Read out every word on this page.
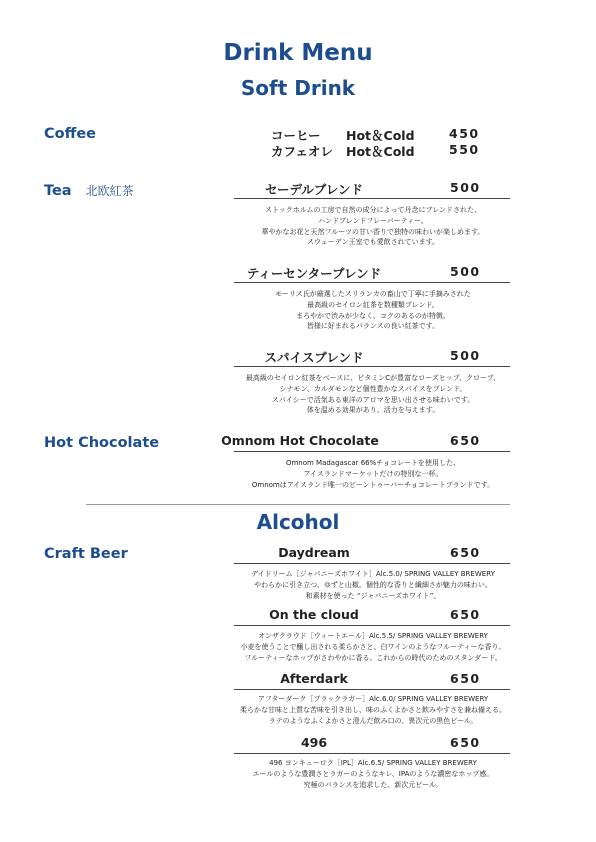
Drink Menu
Soft Drink
Coffee	コーヒー Hot＆Cold	450
カフェオレ Hot＆Cold	550
Tea 北欧紅茶	セーデルブレンド	500
ストックホルムの工房で自然の成分によって丹念にブレンドされた、
ハンドブレンドフレーバーティー。
華やかなお花と天然フルーツの甘い香りで独特の味わいが楽しめます。
スウェーデン王室でも愛飲されています。
ティーセンターブレンド	500
モーリス氏が厳選したスリランカの畜山で丁寧に手摘みされた
最高級のセイロン紅茶を数種類ブレンド。
まろやかで渋みが少なく、コクのあるのが特徴。
皆様に好まれるバランスの良い紅茶です。
スパイスブレンド	500
最高級のセイロン紅茶をベースに、ビタミンCが豊富なローズヒップ、クローブ、
シナモン、カルダモンなど個性豊かなスパイスをブレンド。
スパイシーで活気ある東洋のアロマを思い出させる味わいです。
体を温める効果があり、活力を与えます。
Hot Chocolate	Omnom Hot Chocolate	650
Omnom Madagascar 66%チョコレートを使用した、
アイスランドマーケットだけの特別な一杯。
Omnomはアイスランド唯一のビーントゥーバーチョコレートブランドです。
Alcohol
Craft Beer	Daydream	650
デイドリーム［ジャパニーズホワイト］Alc.5.0/ SPRING VALLEY BREWERY
やわらかに引き立つ、ゆずと山椒。個性的な香りと繊細さが魅力の味わい。
和素材を使った “ジャパニーズホワイト”。
On the cloud	650
オンザクラウド［ウィートエール］Alc.5.5/ SPRING VALLEY BREWERY
小麦を使うことで醸し出される柔らかさと、白ワインのようなフルーティーな香り。
フルーティーなホップがさわやかに香る、これからの時代のためのスタンダード。
Afterdark	650
アフターダーク［ブラックラガー］Alc.6.0/ SPRING VALLEY BREWERY
柔らかな甘味と上質な苦味を引き出し、味のふくよかさと飲みやすさを兼ね備える。
ラテのようなふくよかさと澄んだ飲み口の、異次元の黒色ビール。
496	650
496 ヨンキューロク［IPL］Alc.6.5/ SPRING VALLEY BREWERY
エールのような豊潤さとラガーのようなキレ、IPAのような濃密なホップ感。
究極のバランスを追求した、新次元ビール。
